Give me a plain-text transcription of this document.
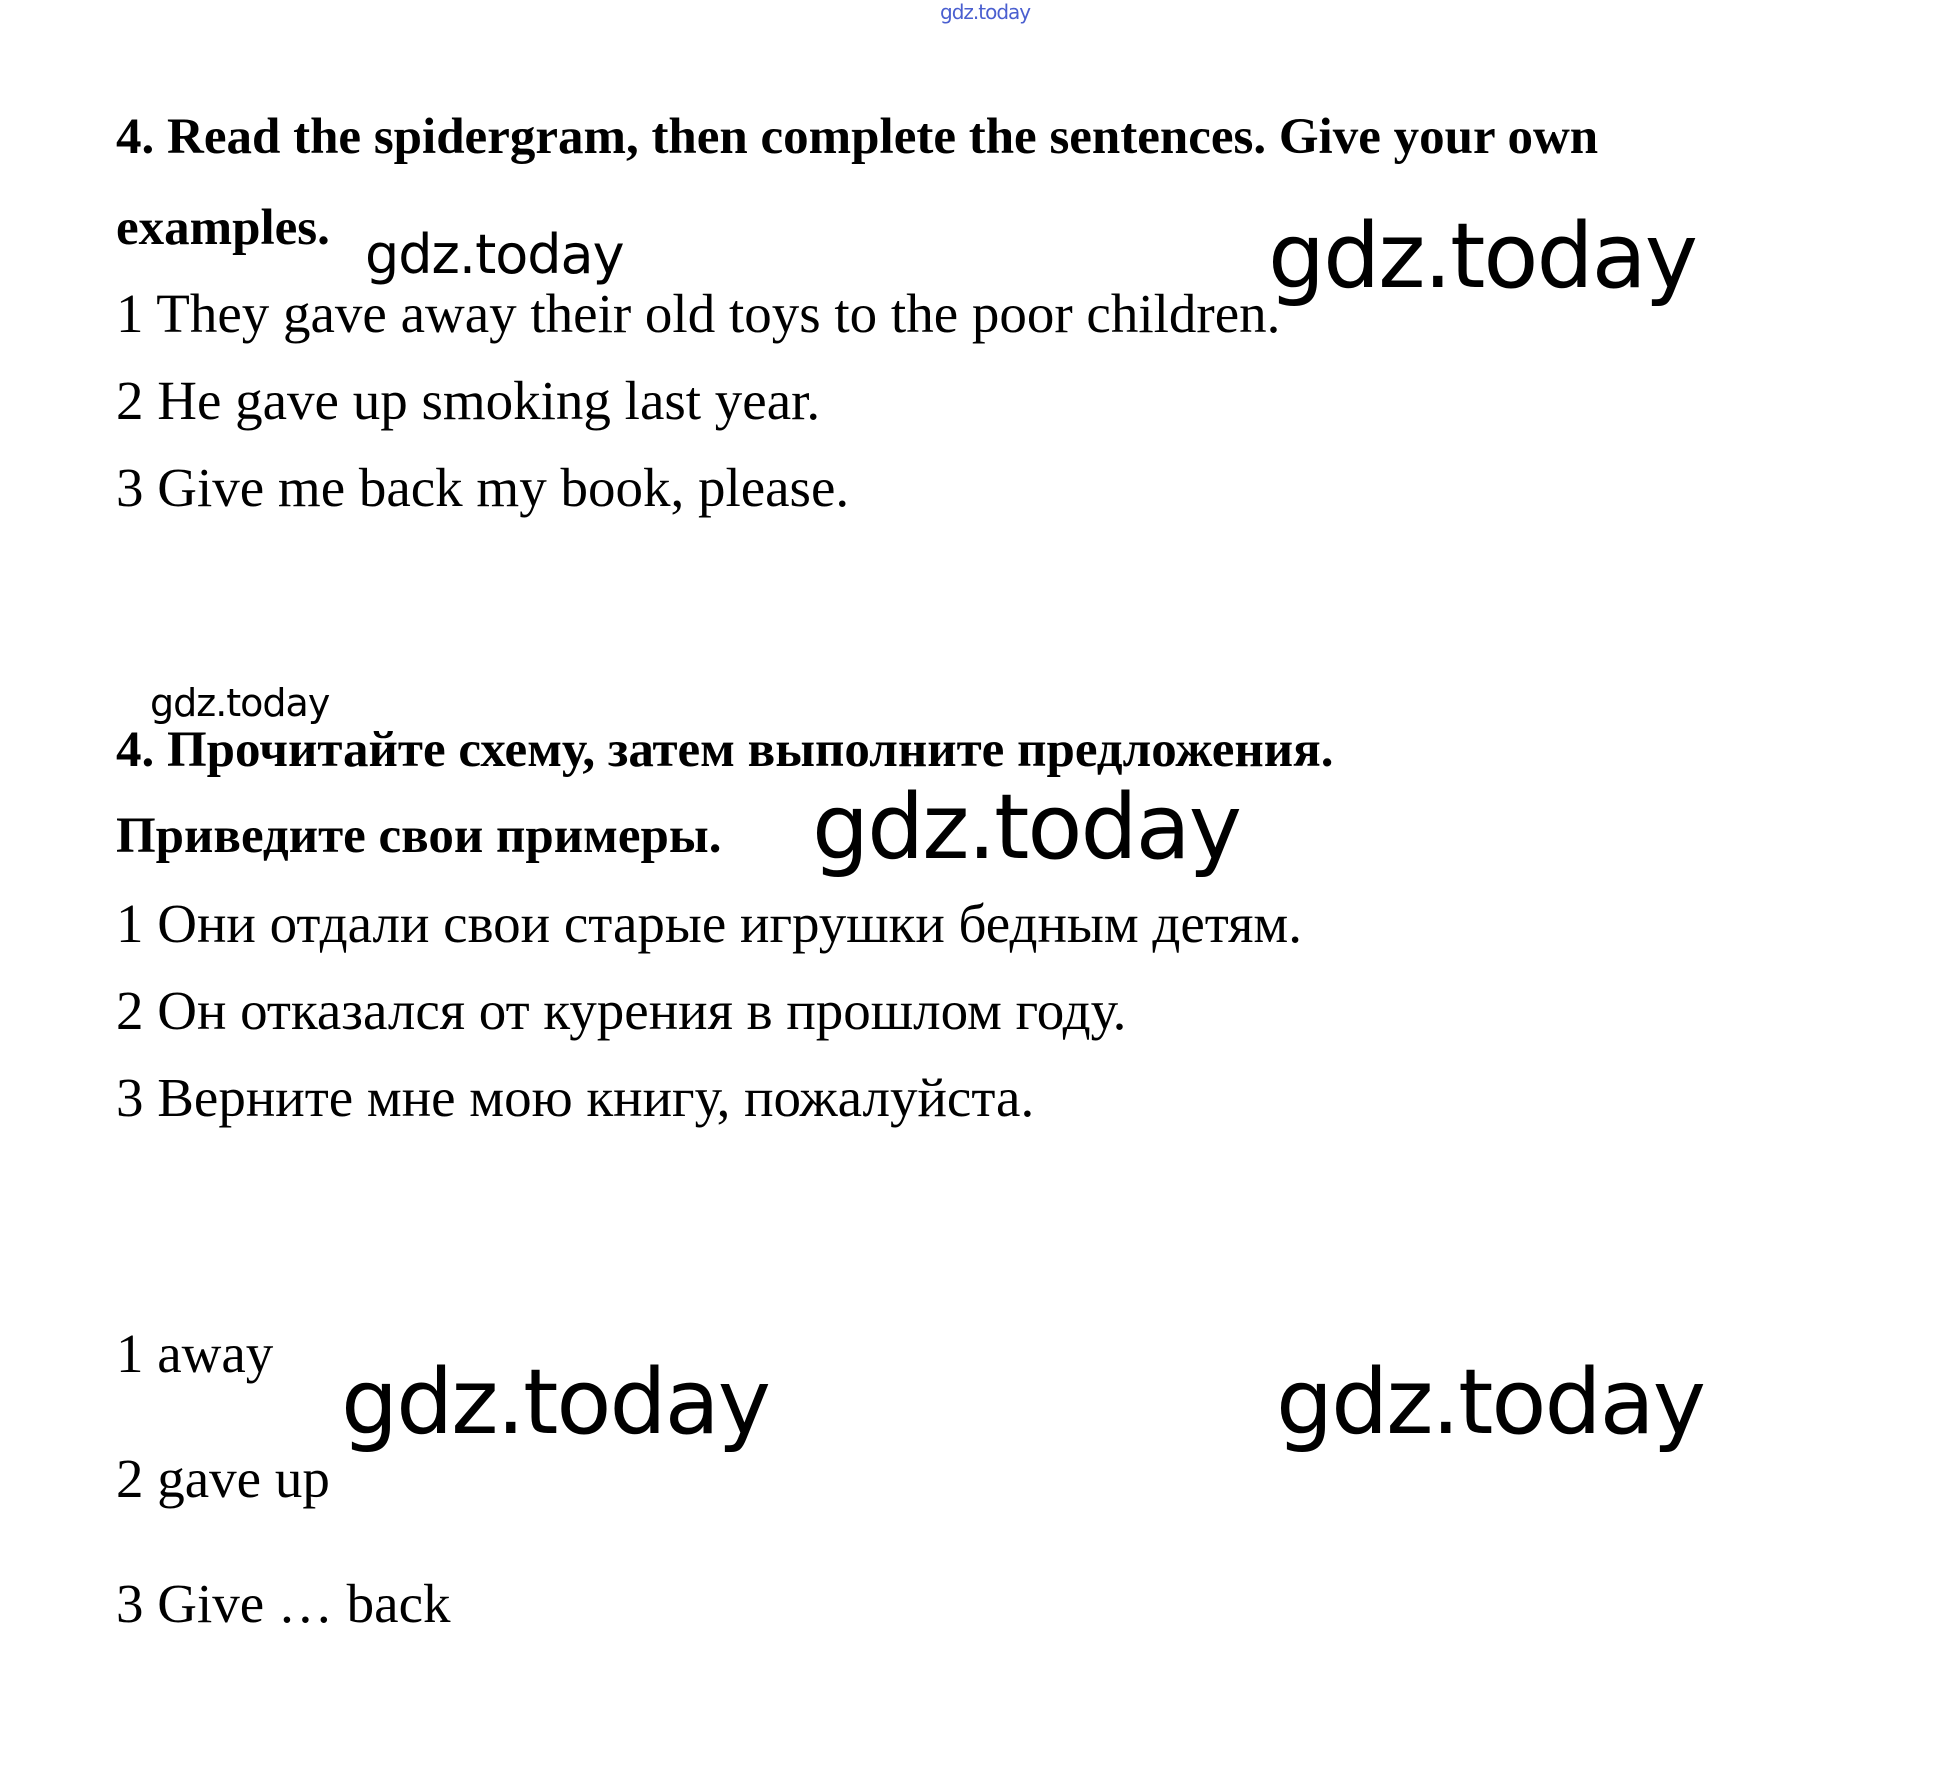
gdz.today
4. Read the spidergram, then complete the sentences. Give your own
examples. gdz.today	gdz.today
1 They gave away their old toys to the poor children.
2 He gave up smoking last year.
3 Give me back my book, please.
gdz.today
4. Прочитайте схему, затем выполните предложения.
Приведите свои примеры. gdz.today
1 Они отдали свои старые игрушки бедным детям.
2 Он отказался от курения в прошлом году.
3 Верните мне мою книгу, пожалуйста.
1 away gdz.today	gdz.today
2 gave up
3 Give … back
